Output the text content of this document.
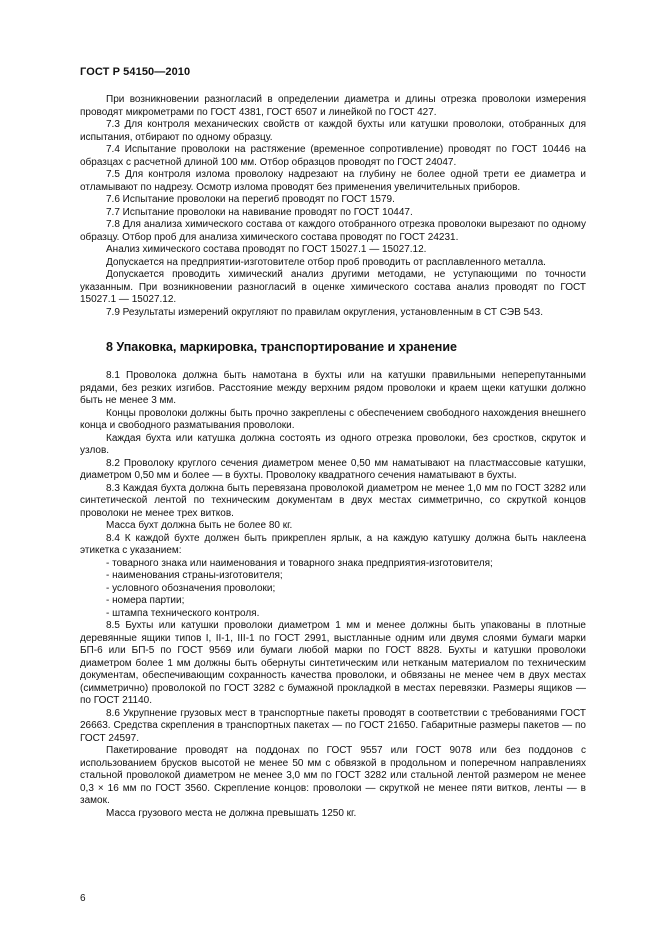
ГОСТ Р 54150—2010

При возникновении разногласий в определении диаметра и длины отрезка проволоки измерения проводят микрометрами по ГОСТ 4381, ГОСТ 6507 и линейкой по ГОСТ 427.

7.3 Для контроля механических свойств от каждой бухты или катушки проволоки, отобранных для испытания, отбирают по одному образцу.

7.4 Испытание проволоки на растяжение (временное сопротивление) проводят по ГОСТ 10446 на образцах с расчетной длиной 100 мм. Отбор образцов проводят по ГОСТ 24047.

7.5 Для контроля излома проволоку надрезают на глубину не более одной трети ее диаметра и отламывают по надрезу. Осмотр излома проводят без применения увеличительных приборов.

7.6 Испытание проволоки на перегиб проводят по ГОСТ 1579.

7.7 Испытание проволоки на навивание проводят по ГОСТ 10447.

7.8 Для анализа химического состава от каждого отобранного отрезка проволоки вырезают по одному образцу. Отбор проб для анализа химического состава проводят по ГОСТ 24231.

Анализ химического состава проводят по ГОСТ 15027.1 — 15027.12.

Допускается на предприятии-изготовителе отбор проб проводить от расплавленного металла.

Допускается проводить химический анализ другими методами, не уступающими по точности указанным. При возникновении разногласий в оценке химического состава анализ проводят по ГОСТ 15027.1 — 15027.12.

7.9 Результаты измерений округляют по правилам округления, установленным в СТ СЭВ 543.

8 Упаковка, маркировка, транспортирование и хранение

8.1 Проволока должна быть намотана в бухты или на катушки правильными неперепутанными рядами, без резких изгибов. Расстояние между верхним рядом проволоки и краем щеки катушки должно быть не менее 3 мм.

Концы проволоки должны быть прочно закреплены с обеспечением свободного нахождения внешнего конца и свободного разматывания проволоки.

Каждая бухта или катушка должна состоять из одного отрезка проволоки, без сростков, скруток и узлов.

8.2 Проволоку круглого сечения диаметром менее 0,50 мм наматывают на пластмассовые катушки, диаметром 0,50 мм и более — в бухты. Проволоку квадратного сечения наматывают в бухты.

8.3 Каждая бухта должна быть перевязана проволокой диаметром не менее 1,0 мм по ГОСТ 3282 или синтетической лентой по техническим документам в двух местах симметрично, со скруткой концов проволоки не менее трех витков.

Масса бухт должна быть не более 80 кг.

8.4 К каждой бухте должен быть прикреплен ярлык, а на каждую катушку должна быть наклеена этикетка с указанием:

- товарного знака или наименования и товарного знака предприятия-изготовителя;
- наименования страны-изготовителя;
- условного обозначения проволоки;
- номера партии;
- штампа технического контроля.

8.5 Бухты или катушки проволоки диаметром 1 мм и менее должны быть упакованы в плотные деревянные ящики типов I, II-1, III-1 по ГОСТ 2991, выстланные одним или двумя слоями бумаги марки БП-6 или БП-5 по ГОСТ 9569 или бумаги любой марки по ГОСТ 8828. Бухты и катушки проволоки диаметром более 1 мм должны быть обернуты синтетическим или нетканым материалом по техническим документам, обеспечивающим сохранность качества проволоки, и обвязаны не менее чем в двух местах (симметрично) проволокой по ГОСТ 3282 с бумажной прокладкой в местах перевязки. Размеры ящиков — по ГОСТ 21140.

8.6 Укрупнение грузовых мест в транспортные пакеты проводят в соответствии с требованиями ГОСТ 26663. Средства скрепления в транспортных пакетах — по ГОСТ 21650. Габаритные размеры пакетов — по ГОСТ 24597.

Пакетирование проводят на поддонах по ГОСТ 9557 или ГОСТ 9078 или без поддонов с использованием брусков высотой не менее 50 мм с обвязкой в продольном и поперечном направлениях стальной проволокой диаметром не менее 3,0 мм по ГОСТ 3282 или стальной лентой размером не менее 0,3 × 16 мм по ГОСТ 3560. Скрепление концов: проволоки — скруткой не менее пяти витков, ленты — в замок.

Масса грузового места не должна превышать 1250 кг.

6
